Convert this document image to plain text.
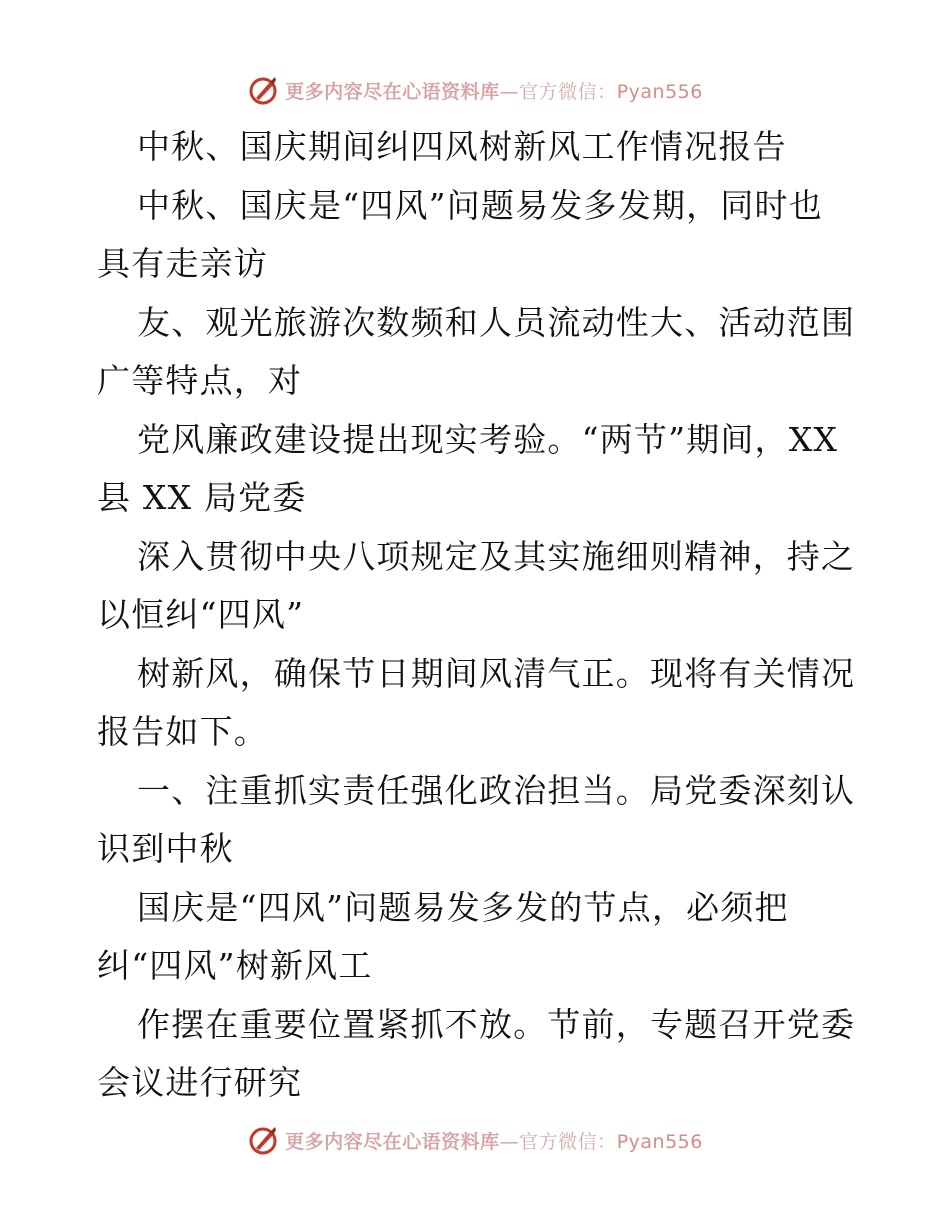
更多内容尽在心语资料库—官方微信：Pyan556
中秋、国庆期间纠四风树新风工作情况报告
中秋、国庆是“四风”问题易发多发期，同时也
具有走亲访
友、观光旅游次数频和人员流动性大、活动范围
广等特点，对
党风廉政建设提出现实考验。“两节”期间，XX
县 XX 局党委
深入贯彻中央八项规定及其实施细则精神，持之
以恒纠“四风”
树新风，确保节日期间风清气正。现将有关情况
报告如下。
一、注重抓实责任强化政治担当。局党委深刻认
识到中秋
国庆是“四风”问题易发多发的节点，必须把
纠“四风”树新风工
作摆在重要位置紧抓不放。节前，专题召开党委
会议进行研究
更多内容尽在心语资料库—官方微信：Pyan556
